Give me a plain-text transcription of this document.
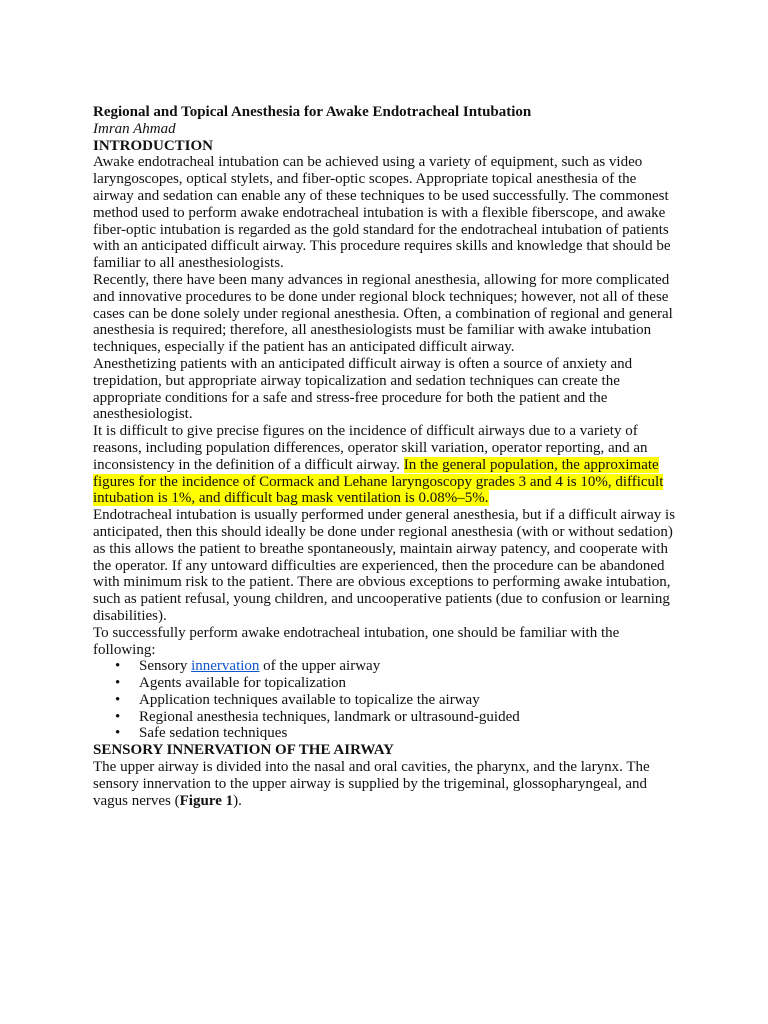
Regional and Topical Anesthesia for Awake Endotracheal Intubation

Imran Ahmad

INTRODUCTION

Awake endotracheal intubation can be achieved using a variety of equipment, such as video laryngoscopes, optical stylets, and fiber-optic scopes. Appropriate topical anesthesia of the airway and sedation can enable any of these techniques to be used successfully. The commonest method used to perform awake endotracheal intubation is with a flexible fiberscope, and awake fiber-optic intubation is regarded as the gold standard for the endotracheal intubation of patients with an anticipated difficult airway. This procedure requires skills and knowledge that should be familiar to all anesthesiologists.

Recently, there have been many advances in regional anesthesia, allowing for more complicated and innovative procedures to be done under regional block techniques; however, not all of these cases can be done solely under regional anesthesia. Often, a combination of regional and general anesthesia is required; therefore, all anesthesiologists must be familiar with awake intubation techniques, especially if the patient has an anticipated difficult airway.

Anesthetizing patients with an anticipated difficult airway is often a source of anxiety and trepidation, but appropriate airway topicalization and sedation techniques can create the appropriate conditions for a safe and stress-free procedure for both the patient and the anesthesiologist.

It is difficult to give precise figures on the incidence of difficult airways due to a variety of reasons, including population differences, operator skill variation, operator reporting, and an inconsistency in the definition of a difficult airway. In the general population, the approximate figures for the incidence of Cormack and Lehane laryngoscopy grades 3 and 4 is 10%, difficult intubation is 1%, and difficult bag mask ventilation is 0.08%–5%.

Endotracheal intubation is usually performed under general anesthesia, but if a difficult airway is anticipated, then this should ideally be done under regional anesthesia (with or without sedation) as this allows the patient to breathe spontaneously, maintain airway patency, and cooperate with the operator. If any untoward difficulties are experienced, then the procedure can be abandoned with minimum risk to the patient. There are obvious exceptions to performing awake intubation, such as patient refusal, young children, and uncooperative patients (due to confusion or learning disabilities).

To successfully perform awake endotracheal intubation, one should be familiar with the following:

• Sensory innervation of the upper airway
• Agents available for topicalization
• Application techniques available to topicalize the airway
• Regional anesthesia techniques, landmark or ultrasound-guided
• Safe sedation techniques

SENSORY INNERVATION OF THE AIRWAY

The upper airway is divided into the nasal and oral cavities, the pharynx, and the larynx. The sensory innervation to the upper airway is supplied by the trigeminal, glossopharyngeal, and vagus nerves (Figure 1).
